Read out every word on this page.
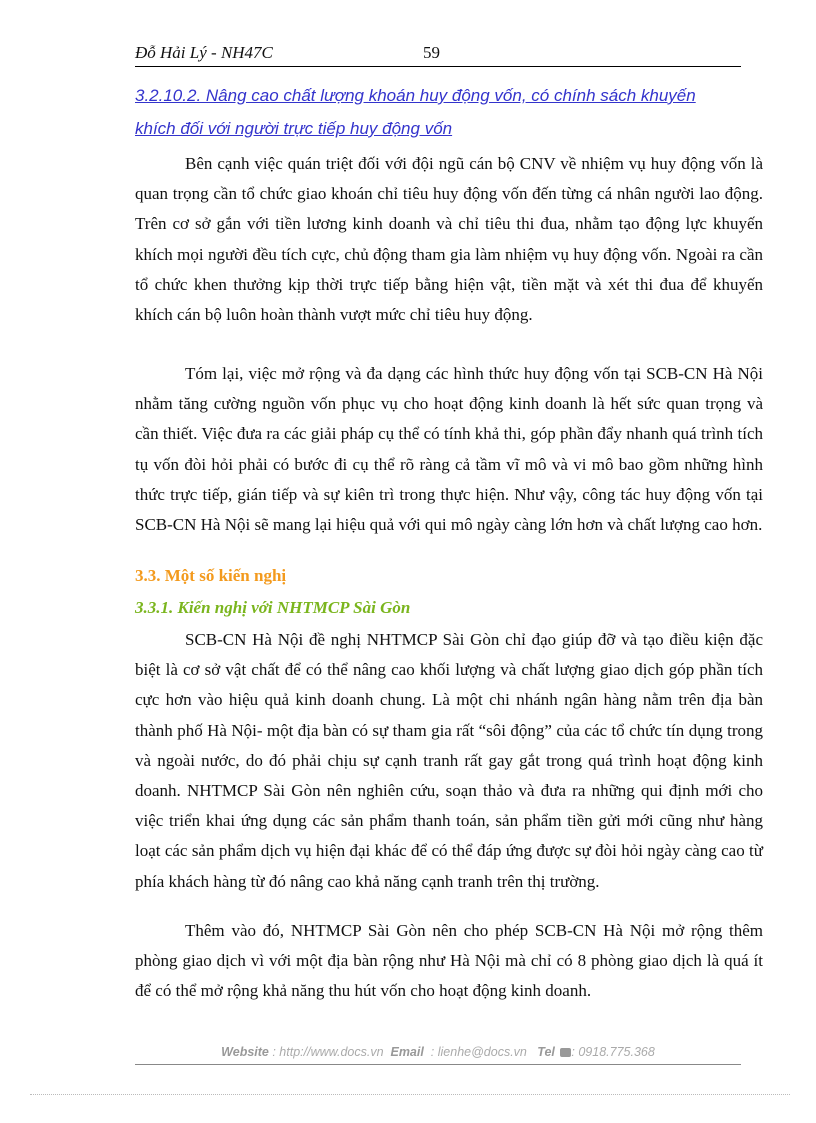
Đỗ Hải Lý - NH47C	59
3.2.10.2. Nâng cao chất lượng khoán huy động vốn, có chính sách khuyến
khích đối với người trực tiếp huy động vốn

Bên cạnh việc quán triệt đối với đội ngũ cán bộ CNV về nhiệm vụ huy động vốn là quan trọng cần tổ chức giao khoán chỉ tiêu huy động vốn đến từng cá nhân người lao động. Trên cơ sở gắn với tiền lương kinh doanh và chỉ tiêu thi đua, nhằm tạo động lực khuyến khích mọi người đều tích cực, chủ động tham gia làm nhiệm vụ huy động vốn. Ngoài ra cần tổ chức khen thưởng kịp thời trực tiếp bằng hiện vật, tiền mặt và xét thi đua để khuyến khích cán bộ luôn hoàn thành vượt mức chỉ tiêu huy động.

Tóm lại, việc mở rộng và đa dạng các hình thức huy động vốn tại SCB-CN Hà Nội nhằm tăng cường nguồn vốn phục vụ cho hoạt động kinh doanh là hết sức quan trọng và cần thiết. Việc đưa ra các giải pháp cụ thể có tính khả thi, góp phần đẩy nhanh quá trình tích tụ vốn đòi hỏi phải có bước đi cụ thể rõ ràng cả tầm vĩ mô và vi mô bao gồm những hình thức trực tiếp, gián tiếp và sự kiên trì trong thực hiện. Như vậy, công tác huy động vốn tại SCB-CN Hà Nội sẽ mang lại hiệu quả với qui mô ngày càng lớn hơn và chất lượng cao hơn.

3.3. Một số kiến nghị
3.3.1. Kiến nghị với NHTMCP Sài Gòn

SCB-CN Hà Nội đề nghị NHTMCP Sài Gòn chỉ đạo giúp đỡ và tạo điều kiện đặc biệt là cơ sở vật chất để có thể nâng cao khối lượng và chất lượng giao dịch góp phần tích cực hơn vào hiệu quả kinh doanh chung. Là một chi nhánh ngân hàng nằm trên địa bàn thành phố Hà Nội- một địa bàn có sự tham gia rất “sôi động” của các tổ chức tín dụng trong và ngoài nước, do đó phải chịu sự cạnh tranh rất gay gắt trong quá trình hoạt động kinh doanh. NHTMCP Sài Gòn nên nghiên cứu, soạn thảo và đưa ra những qui định mới cho việc triển khai ứng dụng các sản phẩm thanh toán, sản phẩm tiền gửi mới cũng như hàng loạt các sản phẩm dịch vụ hiện đại khác để có thể đáp ứng được sự đòi hỏi ngày càng cao từ phía khách hàng từ đó nâng cao khả năng cạnh tranh trên thị trường.

Thêm vào đó, NHTMCP Sài Gòn nên cho phép SCB-CN Hà Nội mở rộng thêm phòng giao dịch vì với một địa bàn rộng như Hà Nội mà chỉ có 8 phòng giao dịch là quá ít để có thể mở rộng khả năng thu hút vốn cho hoạt động kinh doanh.

Website : http://www.docs.vn Email : lienhe@docs.vn Tel : 0918.775.368
